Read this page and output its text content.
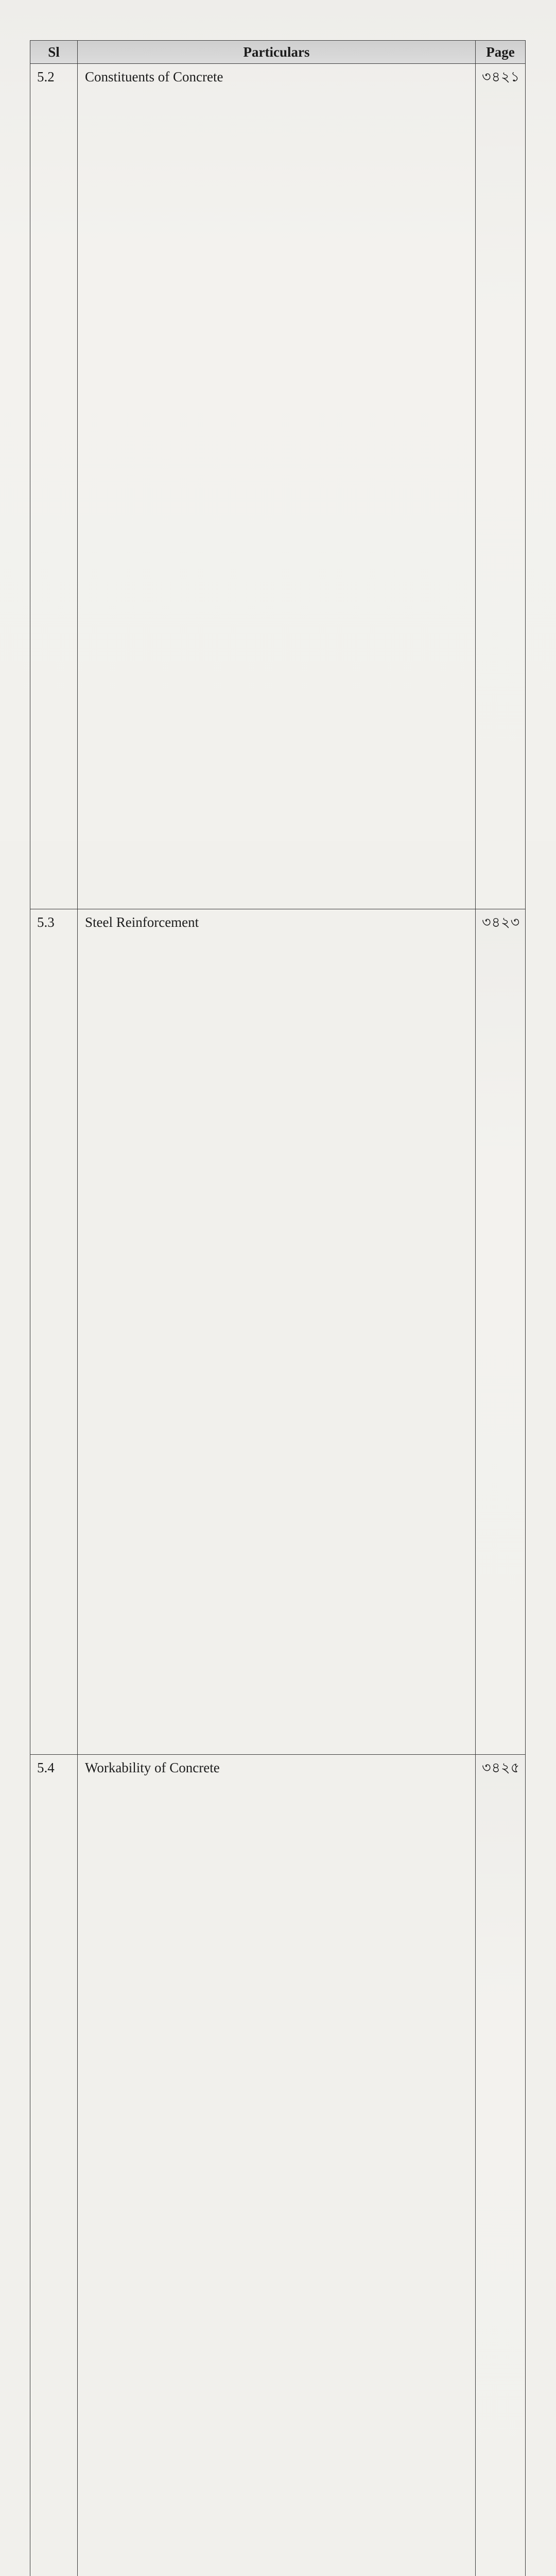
Sl	Particulars	Page
5.2	Constituents of Concrete	৩৪২১
5.3	Steel Reinforcement	৩৪২৩
5.4	Workability of Concrete	৩৪২৫
